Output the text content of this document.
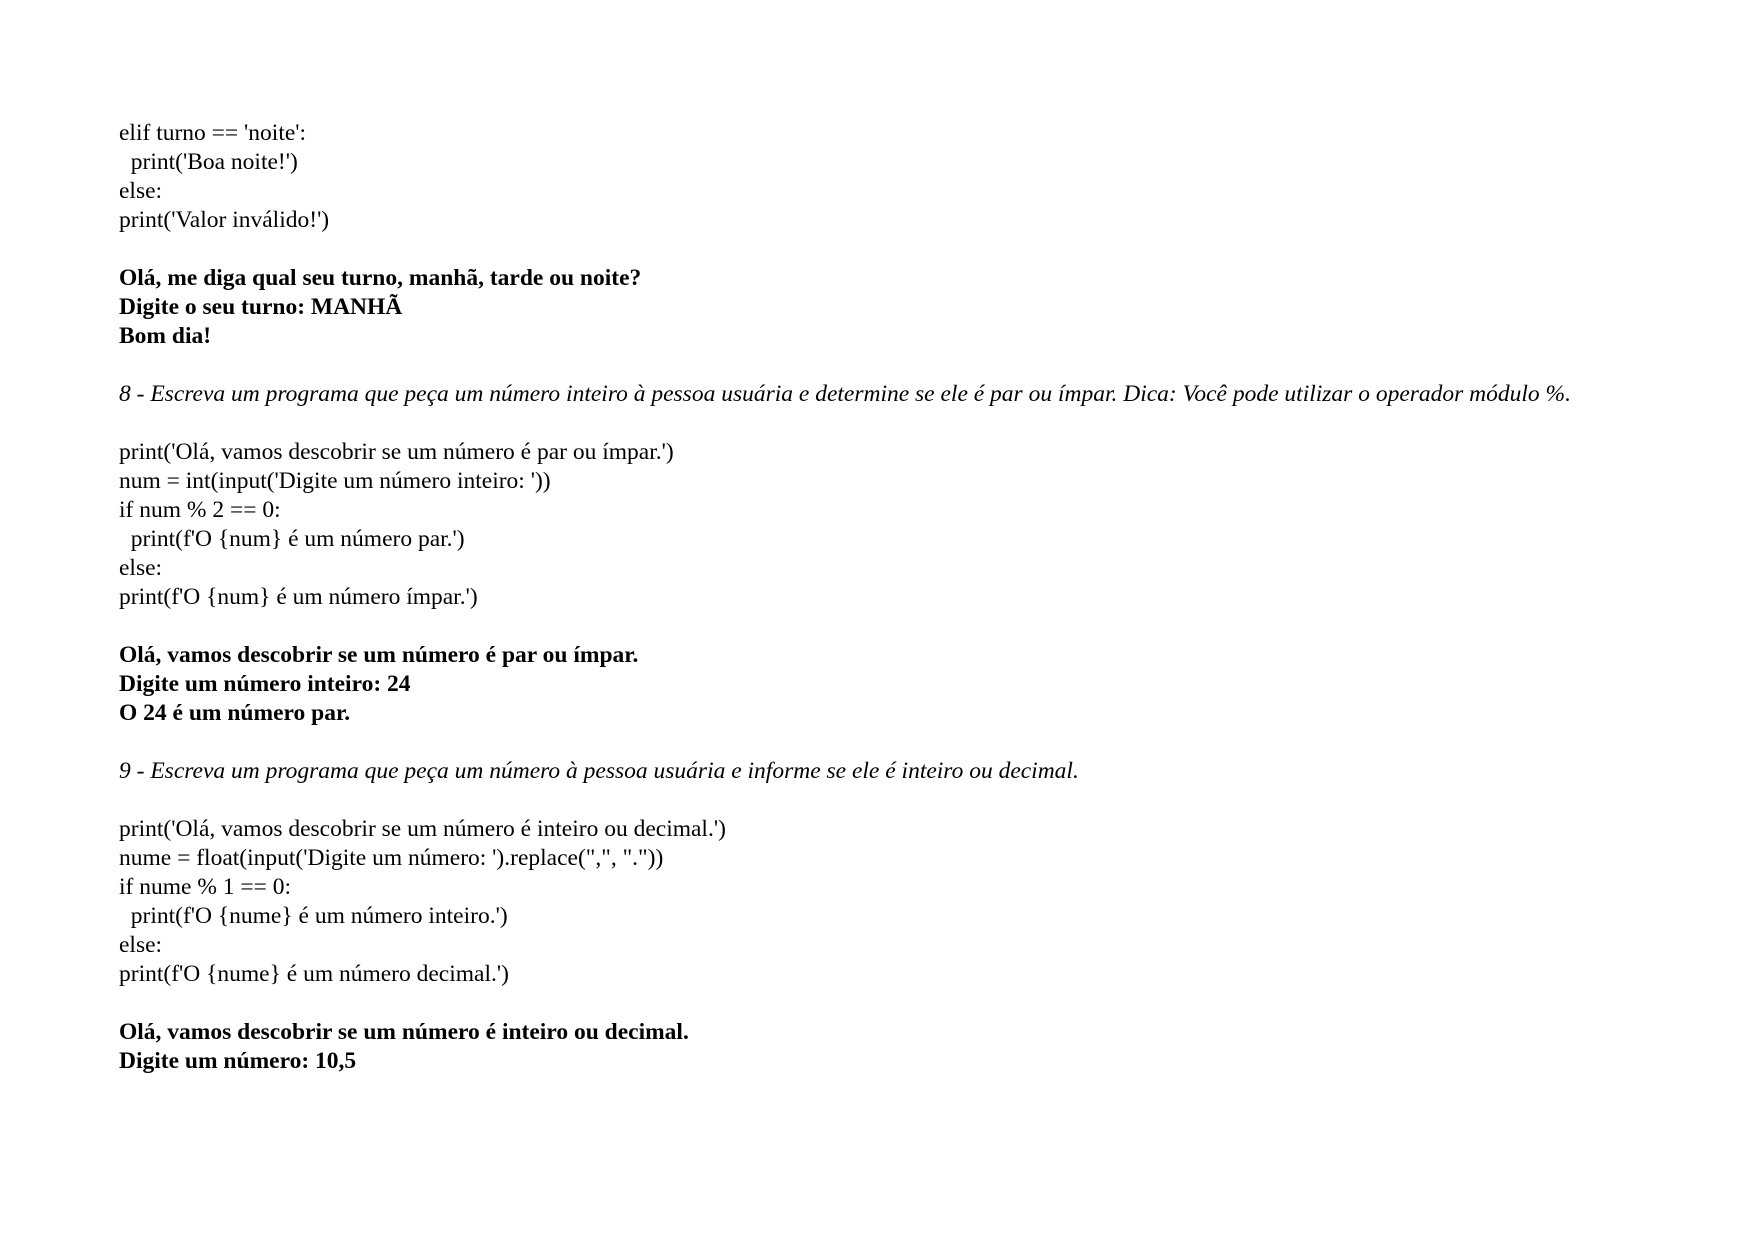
elif turno == 'noite':
print('Boa noite!')
else:
print('Valor inválido!')
Olá, me diga qual seu turno, manhã, tarde ou noite?
Digite o seu turno: MANHÃ
Bom dia!
8 - Escreva um programa que peça um número inteiro à pessoa usuária e determine se ele é par ou ímpar. Dica: Você pode utilizar o operador módulo %.
print('Olá, vamos descobrir se um número é par ou ímpar.')
num = int(input('Digite um número inteiro: '))
if num % 2 == 0:
print(f'O {num} é um número par.')
else:
print(f'O {num} é um número ímpar.')
Olá, vamos descobrir se um número é par ou ímpar.
Digite um número inteiro: 24
O 24 é um número par.
9 - Escreva um programa que peça um número à pessoa usuária e informe se ele é inteiro ou decimal.
print('Olá, vamos descobrir se um número é inteiro ou decimal.')
nume = float(input('Digite um número: ').replace(",", "."))
if nume % 1 == 0:
print(f'O {nume} é um número inteiro.')
else:
print(f'O {nume} é um número decimal.')
Olá, vamos descobrir se um número é inteiro ou decimal.
Digite um número: 10,5
